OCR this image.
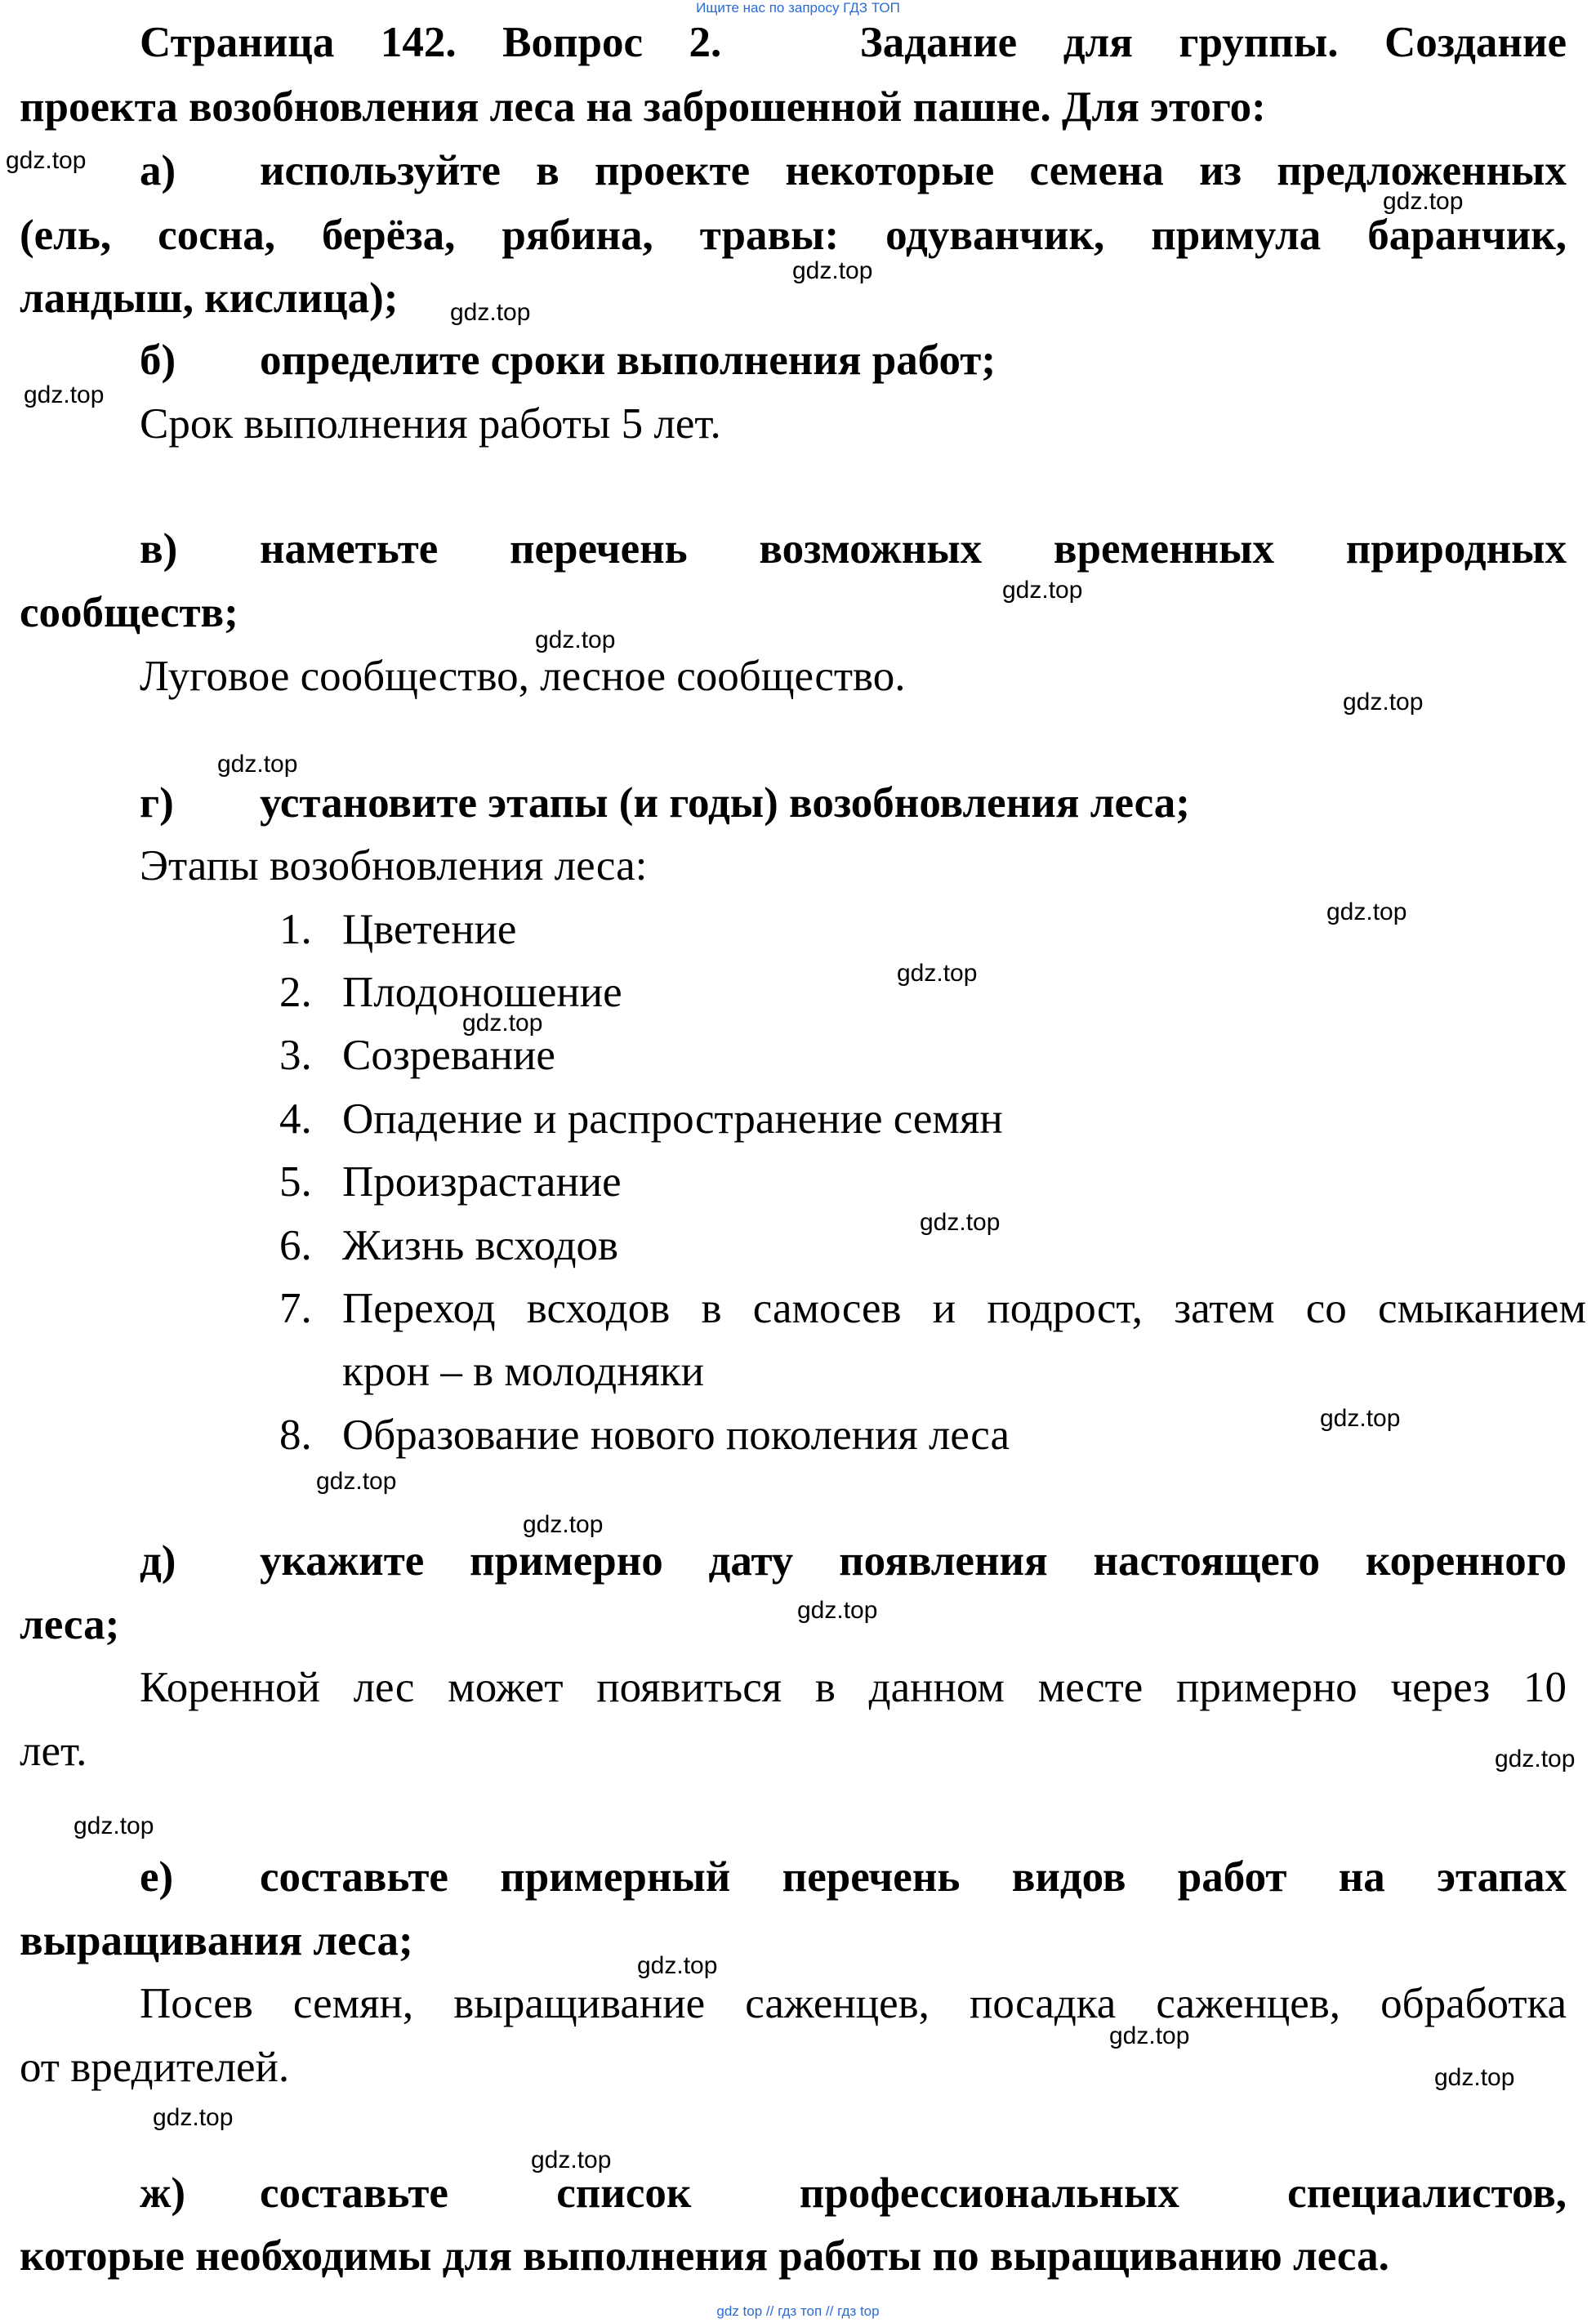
Ищите нас по запросу ГДЗ ТОП
Страница 142. Вопрос 2.	Задание для группы. Создание
проекта возобновления леса на заброшенной пашне. Для этого:
а) используйте в проекте некоторые семена из предложенных
(ель, сосна, берёза, рябина, травы: одуванчик, примула баранчик,
ландыш, кислица);
б) определите сроки выполнения работ;
Срок выполнения работы 5 лет.
в) наметьте перечень возможных временных природных
сообществ;
Луговое сообщество, лесное сообщество.
г) установите этапы (и годы) возобновления леса;
Этапы возобновления леса:
1. Цветение
2. Плодоношение
3. Созревание
4. Опадение и распространение семян
5. Произрастание
6. Жизнь всходов
7. Переход всходов в самосев и подрост, затем со смыканием
крон – в молодняки
8. Образование нового поколения леса
д) укажите примерно дату появления настоящего коренного
леса;
Коренной лес может появиться в данном месте примерно через 10
лет.
е) составьте примерный перечень видов работ на этапах
выращивания леса;
Посев семян, выращивание саженцев, посадка саженцев, обработка
от вредителей.
ж) составьте список профессиональных специалистов,
которые необходимы для выполнения работы по выращиванию леса.
gdz.top
gdz.top
gdz.top
gdz.top
gdz.top
gdz.top
gdz.top
gdz.top
gdz.top
gdz.top
gdz.top
gdz.top
gdz.top
gdz.top
gdz.top
gdz.top
gdz.top
gdz.top
gdz.top
gdz.top
gdz.top
gdz.top
gdz.top
gdz.top
gdz top // гдз топ // гдз top
